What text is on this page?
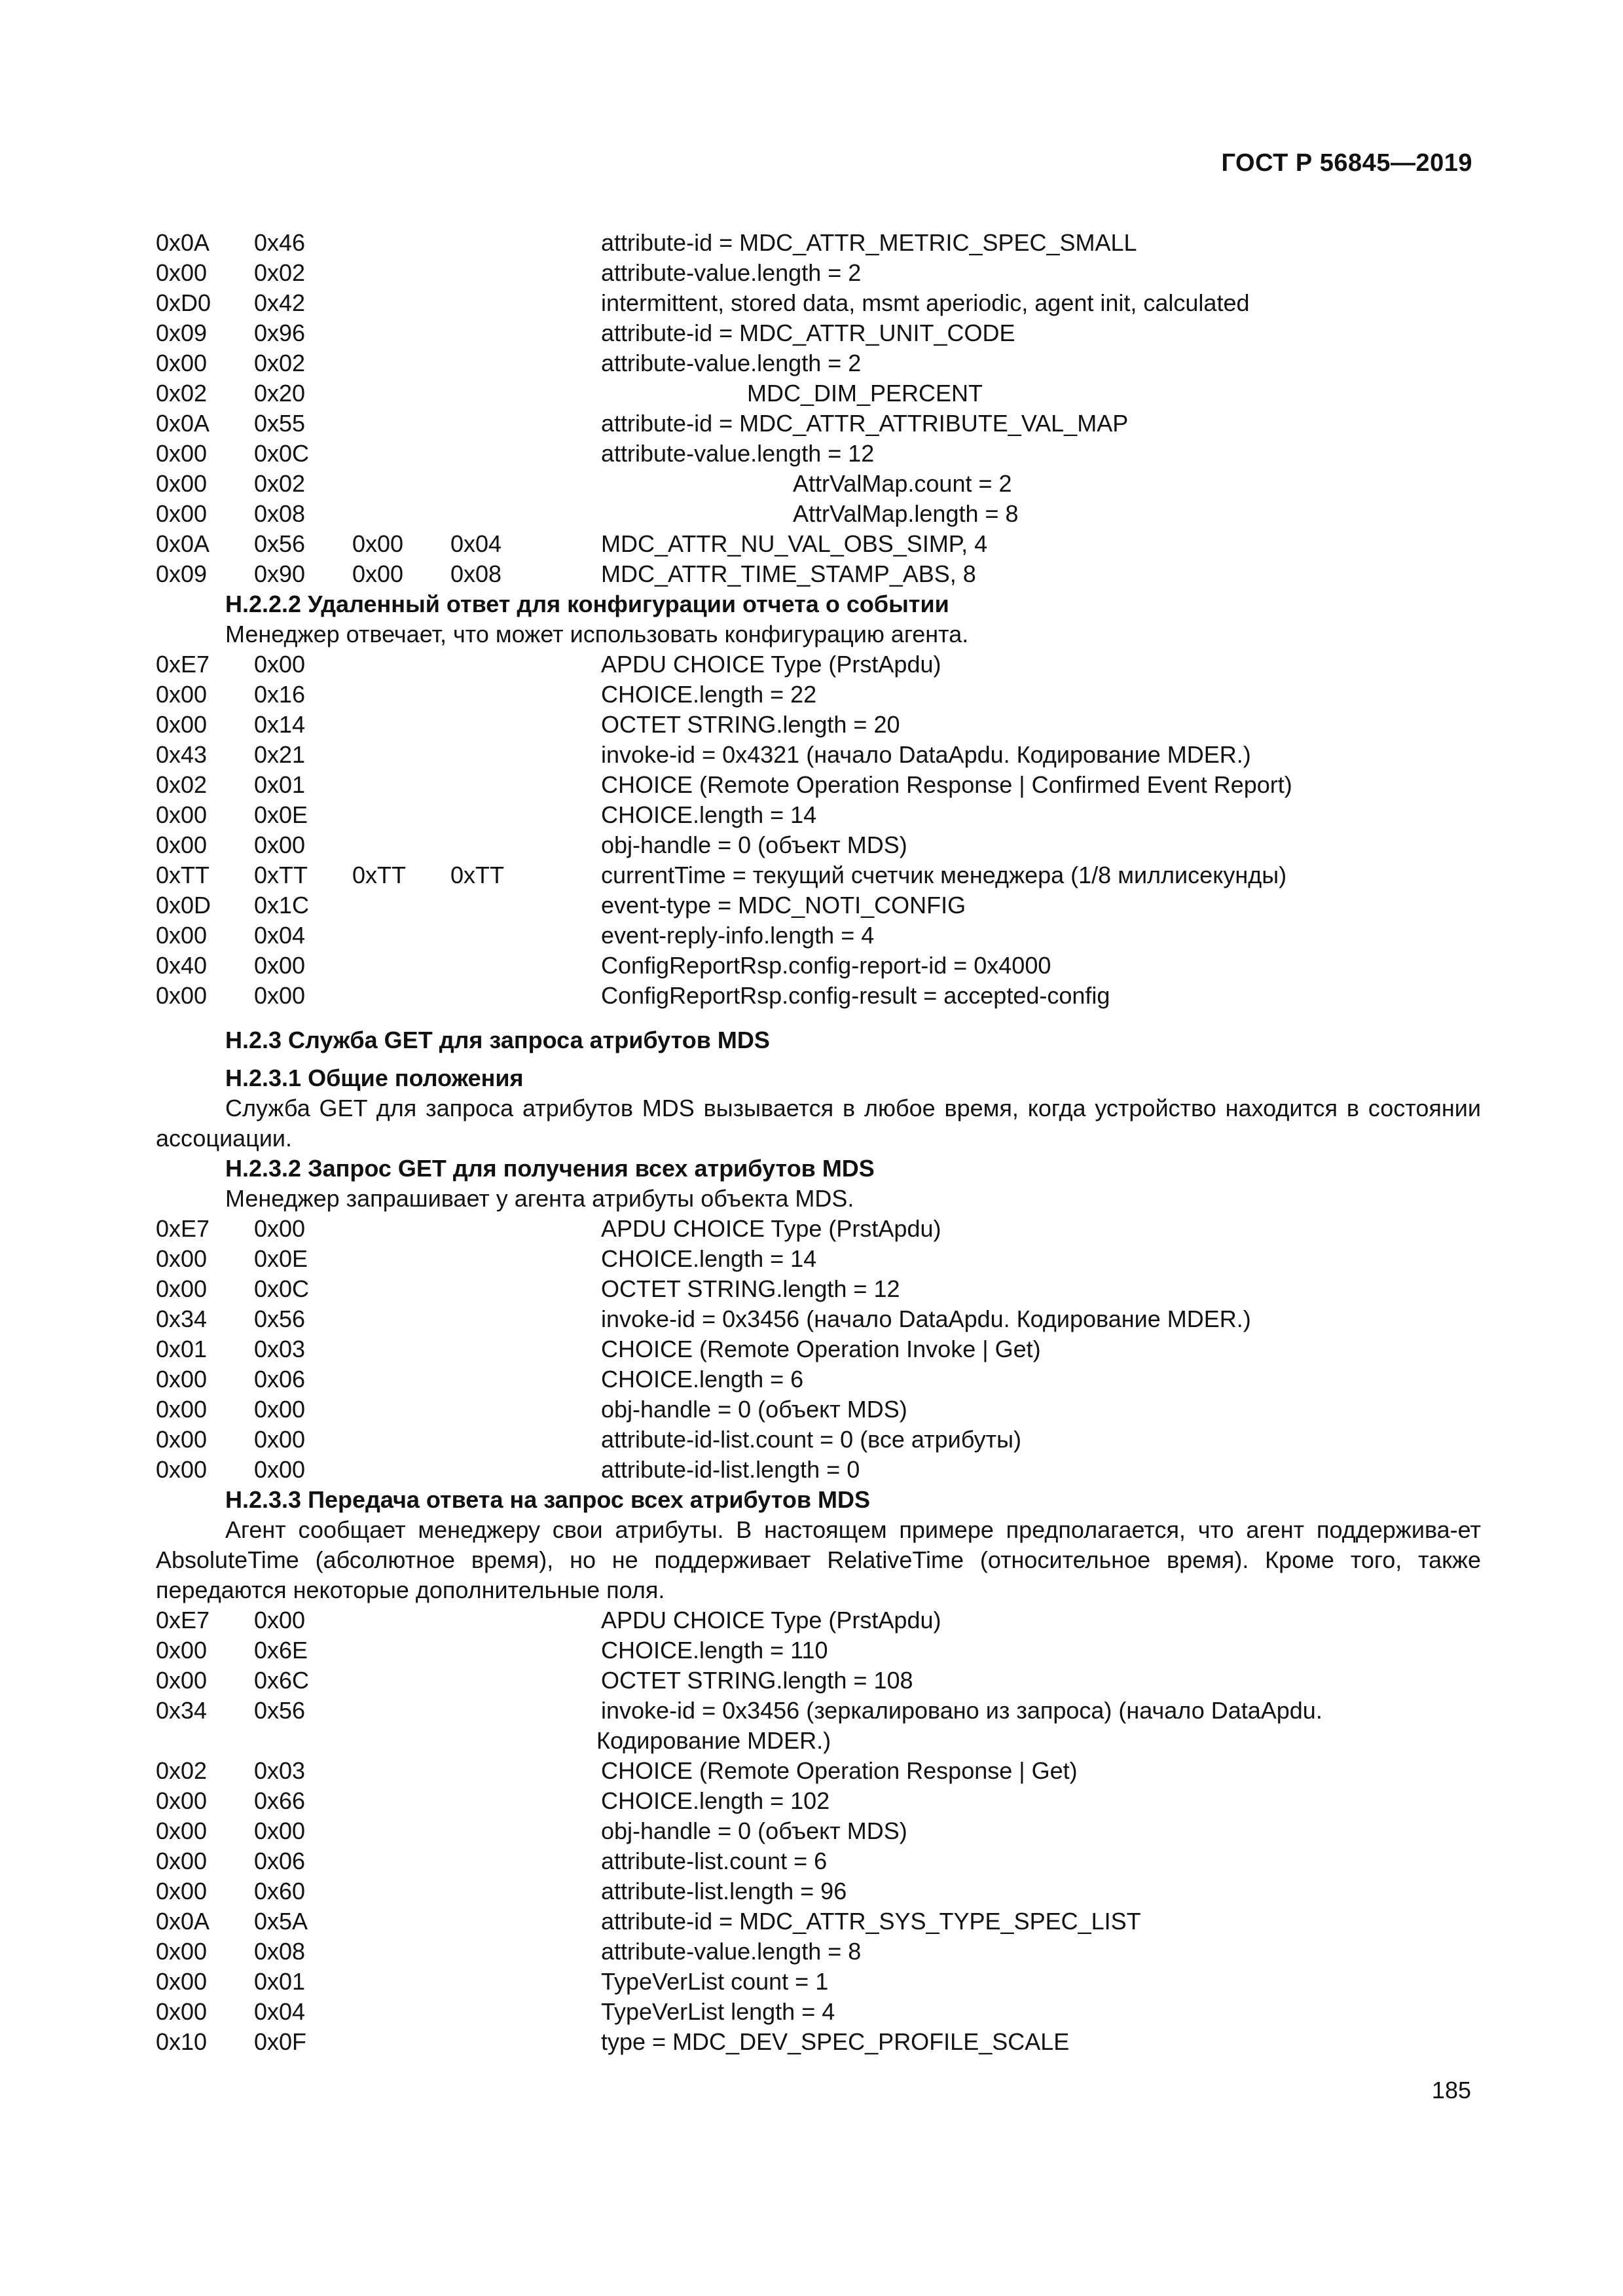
ГОСТ Р 56845—2019
0x0A 0x46	attribute-id = MDC_ATTR_METRIC_SPEC_SMALL
0x00 0x02	attribute-value.length = 2
0xD0 0x42	intermittent, stored data, msmt aperiodic, agent init, calculated
0x09 0x96	attribute-id = MDC_ATTR_UNIT_CODE
0x00 0x02	attribute-value.length = 2
0x02 0x20	MDC_DIM_PERCENT
0x0A 0x55	attribute-id = MDC_ATTR_ATTRIBUTE_VAL_MAP
0x00 0x0C	attribute-value.length = 12
0x00 0x02	AttrValMap.count = 2
0x00 0x08	AttrValMap.length = 8
0x0A 0x56 0x00 0x04	MDC_ATTR_NU_VAL_OBS_SIMP, 4
0x09 0x90 0x00 0x08	MDC_ATTR_TIME_STAMP_ABS, 8
H.2.2.2 Удаленный ответ для конфигурации отчета о событии
Менеджер отвечает, что может использовать конфигурацию агента.
0xE7 0x00	APDU CHOICE Type (PrstApdu)
0x00 0x16	CHOICE.length = 22
0x00 0x14	OCTET STRING.length = 20
0x43 0x21	invoke-id = 0x4321 (начало DataApdu. Кодирование MDER.)
0x02 0x01	CHOICE (Remote Operation Response | Confirmed Event Report)
0x00 0x0E	CHOICE.length = 14
0x00 0x00	obj-handle = 0 (объект MDS)
0xTT 0xTT 0xTT 0xTT	currentTime = текущий счетчик менеджера (1/8 миллисекунды)
0x0D 0x1C	event-type = MDC_NOTI_CONFIG
0x00 0x04	event-reply-info.length = 4
0x40 0x00	ConfigReportRsp.config-report-id = 0x4000
0x00 0x00	ConfigReportRsp.config-result = accepted-config
H.2.3 Служба GET для запроса атрибутов MDS
H.2.3.1 Общие положения
Служба GET для запроса атрибутов MDS вызывается в любое время, когда устройство находится в состоянии ассоциации.
H.2.3.2 Запрос GET для получения всех атрибутов MDS
Менеджер запрашивает у агента атрибуты объекта MDS.
0xE7 0x00	APDU CHOICE Type (PrstApdu)
0x00 0x0E	CHOICE.length = 14
0x00 0x0C	OCTET STRING.length = 12
0x34 0x56	invoke-id = 0x3456 (начало DataApdu. Кодирование MDER.)
0x01 0x03	CHOICE (Remote Operation Invoke | Get)
0x00 0x06	CHOICE.length = 6
0x00 0x00	obj-handle = 0 (объект MDS)
0x00 0x00	attribute-id-list.count = 0 (все атрибуты)
0x00 0x00	attribute-id-list.length = 0
H.2.3.3 Передача ответа на запрос всех атрибутов MDS
Агент сообщает менеджеру свои атрибуты. В настоящем примере предполагается, что агент поддержива-ет AbsoluteTime (абсолютное время), но не поддерживает RelativeTime (относительное время). Кроме того, также передаются некоторые дополнительные поля.
0xE7 0x00	APDU CHOICE Type (PrstApdu)
0x00 0x6E	CHOICE.length = 110
0x00 0x6C	OCTET STRING.length = 108
0x34 0x56	invoke-id = 0x3456 (зеркалировано из запроса) (начало DataApdu.
Кодирование MDER.)
0x02 0x03	CHOICE (Remote Operation Response | Get)
0x00 0x66	CHOICE.length = 102
0x00 0x00	obj-handle = 0 (объект MDS)
0x00 0x06	attribute-list.count = 6
0x00 0x60	attribute-list.length = 96
0x0A 0x5A	attribute-id = MDC_ATTR_SYS_TYPE_SPEC_LIST
0x00 0x08	attribute-value.length = 8
0x00 0x01	TypeVerList count = 1
0x00 0x04	TypeVerList length = 4
0x10 0x0F	type = MDC_DEV_SPEC_PROFILE_SCALE
185
